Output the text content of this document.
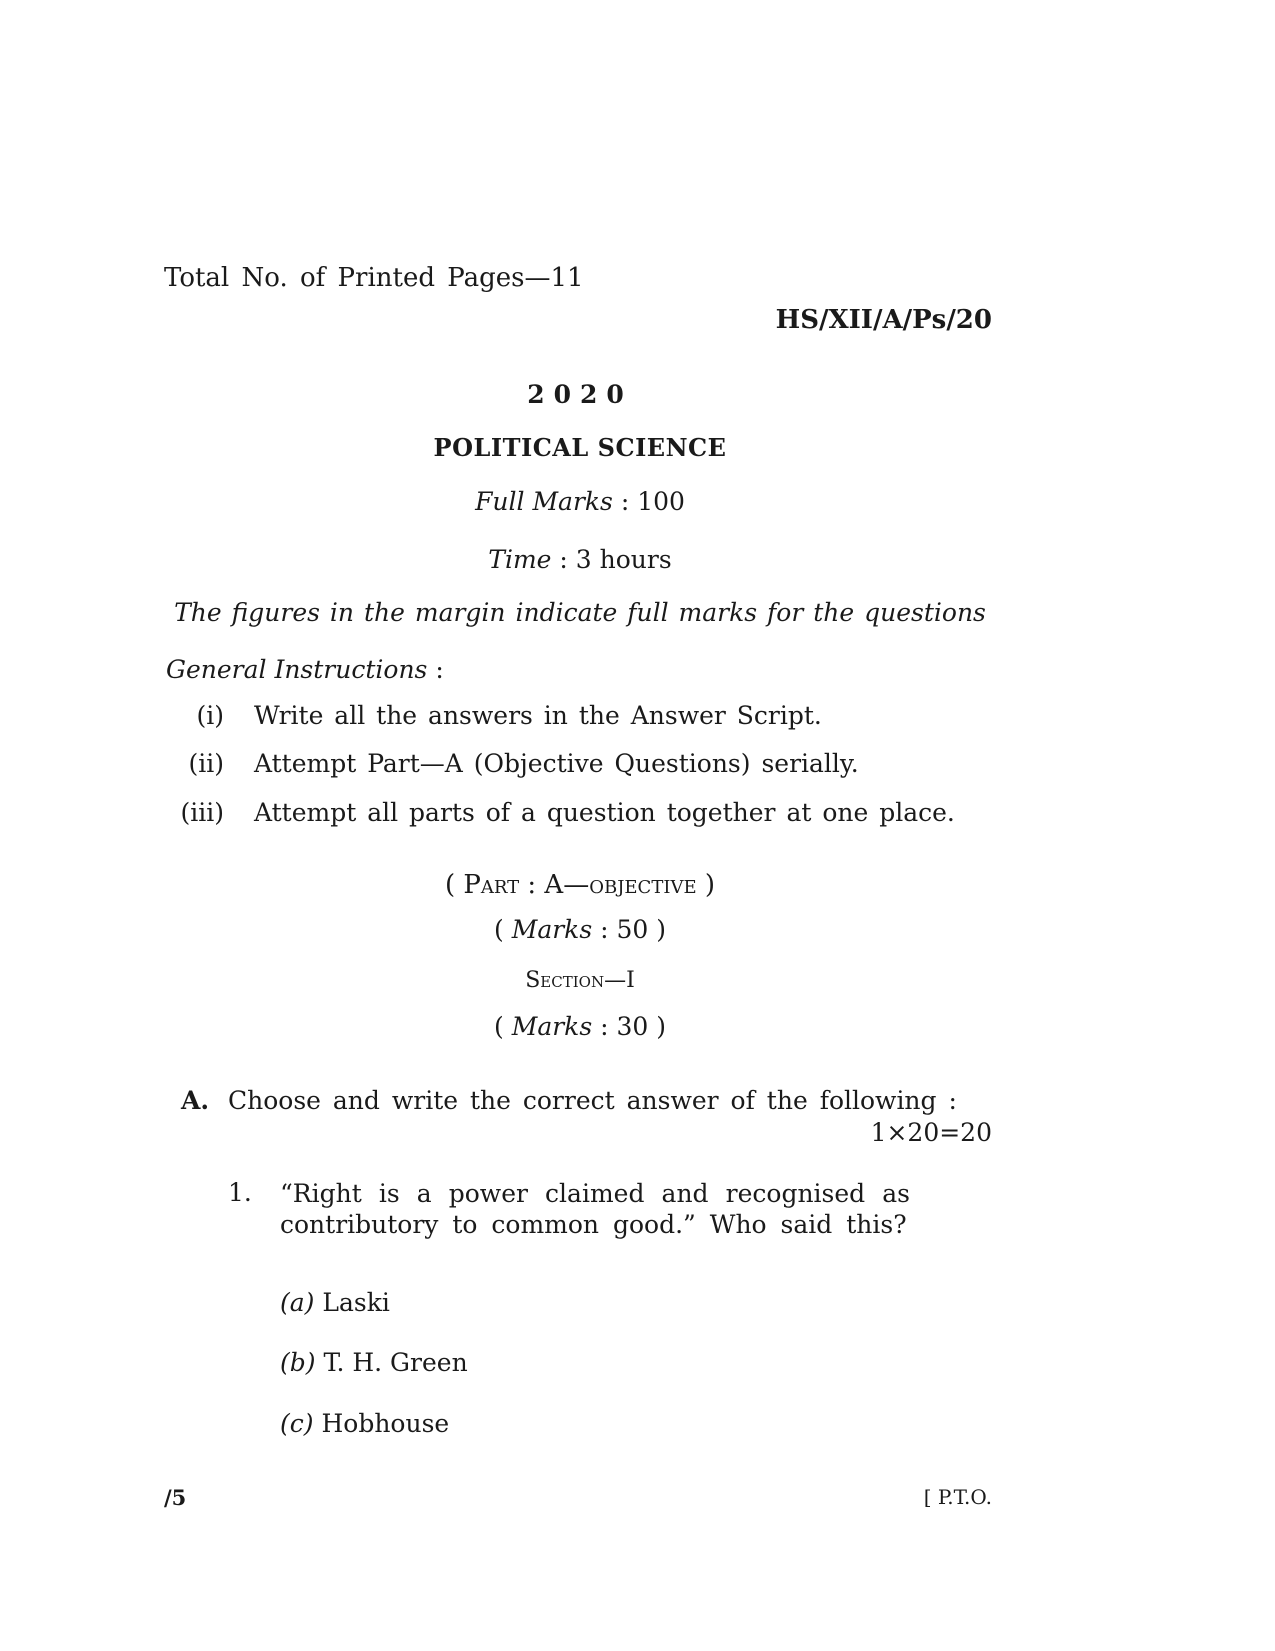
Total No. of Printed Pages—11
HS/XII/A/Ps/20
2020
POLITICAL SCIENCE
Full Marks : 100
Time : 3 hours
The figures in the margin indicate full marks for the questions
General Instructions :
(i) Write all the answers in the Answer Script.
(ii) Attempt Part—A (Objective Questions) serially.
(iii) Attempt all parts of a question together at one place.
( Part : A—objective )
( Marks : 50 )
Section—I
( Marks : 30 )
A. Choose and write the correct answer of the following :
1×20=20
1. “Right is a power claimed and recognised as contributory to common good.” Who said this?
(a) Laski
(b) T. H. Green
(c) Hobhouse
/5	[ P.T.O.
